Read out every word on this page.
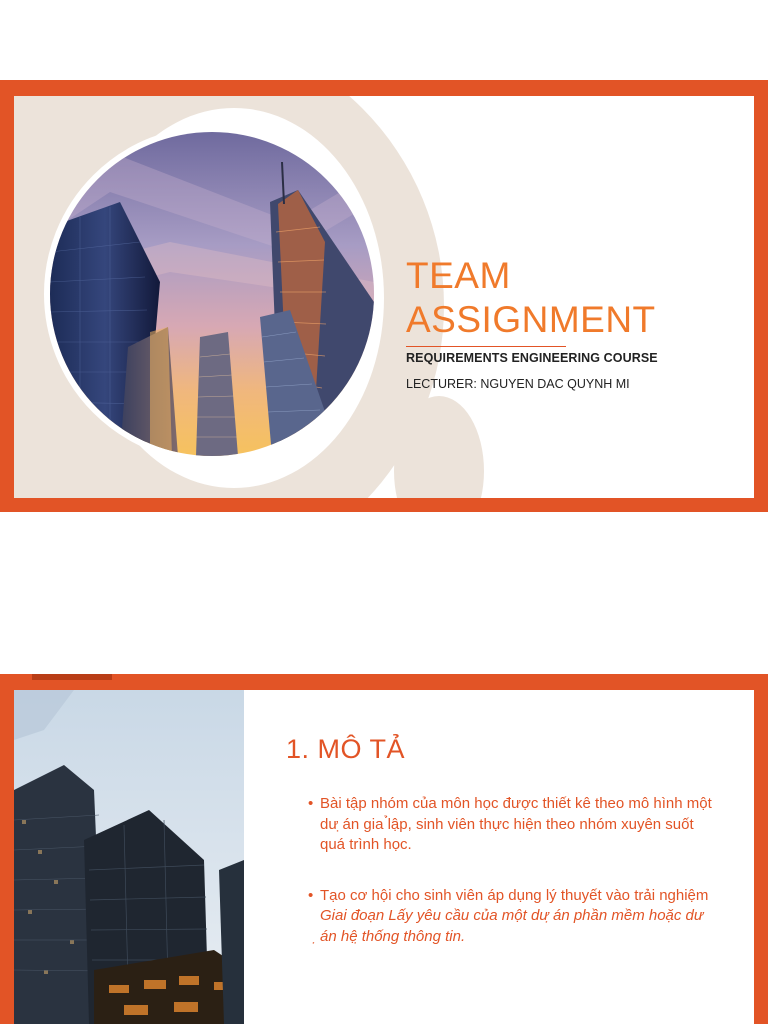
TEAM
ASSIGNMENT

REQUIREMENTS ENGINEERING COURSE

LECTURER: NGUYEN DAC QUYNH MI

1. MÔ TẢ
• Bài tập nhóm của môn học được thiết kê theo mô hình một dư ̣án gia ̉lập, sinh viên thực hiện theo nhóm xuyên suốt quá trình học.
• Tạo cơ hội cho sinh viên áp dụng lý thuyết vào trải nghiệm Giai đoạn Lấy yêu cầu của một dư ̣án phần mềm hoặc dư ̣án hệ ̣thống thông tin.
